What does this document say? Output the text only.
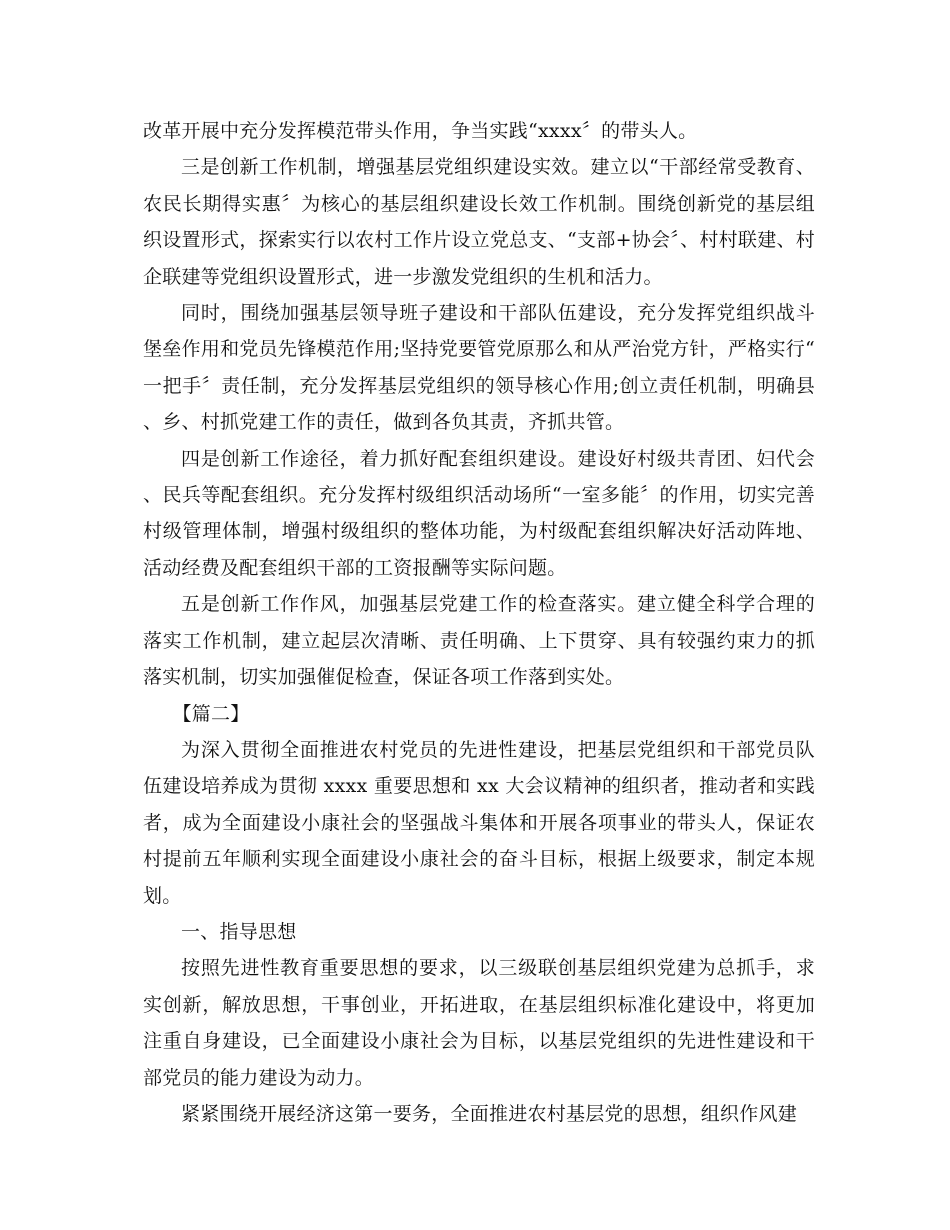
改革开展中充分发挥模范带头作用，争当实践“xxxx〞的带头人。

三是创新工作机制，增强基层党组织建设实效。建立以“干部经常受教育、农民长期得实惠〞为核心的基层组织建设长效工作机制。围绕创新党的基层组织设置形式，探索实行以农村工作片设立党总支、“支部+协会〞、村村联建、村企联建等党组织设置形式，进一步激发党组织的生机和活力。

同时，围绕加强基层领导班子建设和干部队伍建设，充分发挥党组织战斗堡垒作用和党员先锋模范作用;坚持党要管党原那么和从严治党方针，严格实行“一把手〞责任制，充分发挥基层党组织的领导核心作用;创立责任机制，明确县、乡、村抓党建工作的责任，做到各负其责，齐抓共管。

四是创新工作途径，着力抓好配套组织建设。建设好村级共青团、妇代会、民兵等配套组织。充分发挥村级组织活动场所“一室多能〞的作用，切实完善村级管理体制，增强村级组织的整体功能，为村级配套组织解决好活动阵地、活动经费及配套组织干部的工资报酬等实际问题。

五是创新工作作风，加强基层党建工作的检查落实。建立健全科学合理的落实工作机制，建立起层次清晰、责任明确、上下贯穿、具有较强约束力的抓落实机制，切实加强催促检查，保证各项工作落到实处。

【篇二】

为深入贯彻全面推进农村党员的先进性建设，把基层党组织和干部党员队伍建设培养成为贯彻 xxxx 重要思想和 xx 大会议精神的组织者，推动者和实践者，成为全面建设小康社会的坚强战斗集体和开展各项事业的带头人，保证农村提前五年顺利实现全面建设小康社会的奋斗目标，根据上级要求，制定本规划。

一、指导思想

按照先进性教育重要思想的要求，以三级联创基层组织党建为总抓手，求实创新，解放思想，干事创业，开拓进取，在基层组织标准化建设中，将更加注重自身建设，已全面建设小康社会为目标，以基层党组织的先进性建设和干部党员的能力建设为动力。

紧紧围绕开展经济这第一要务，全面推进农村基层党的思想，组织作风建
